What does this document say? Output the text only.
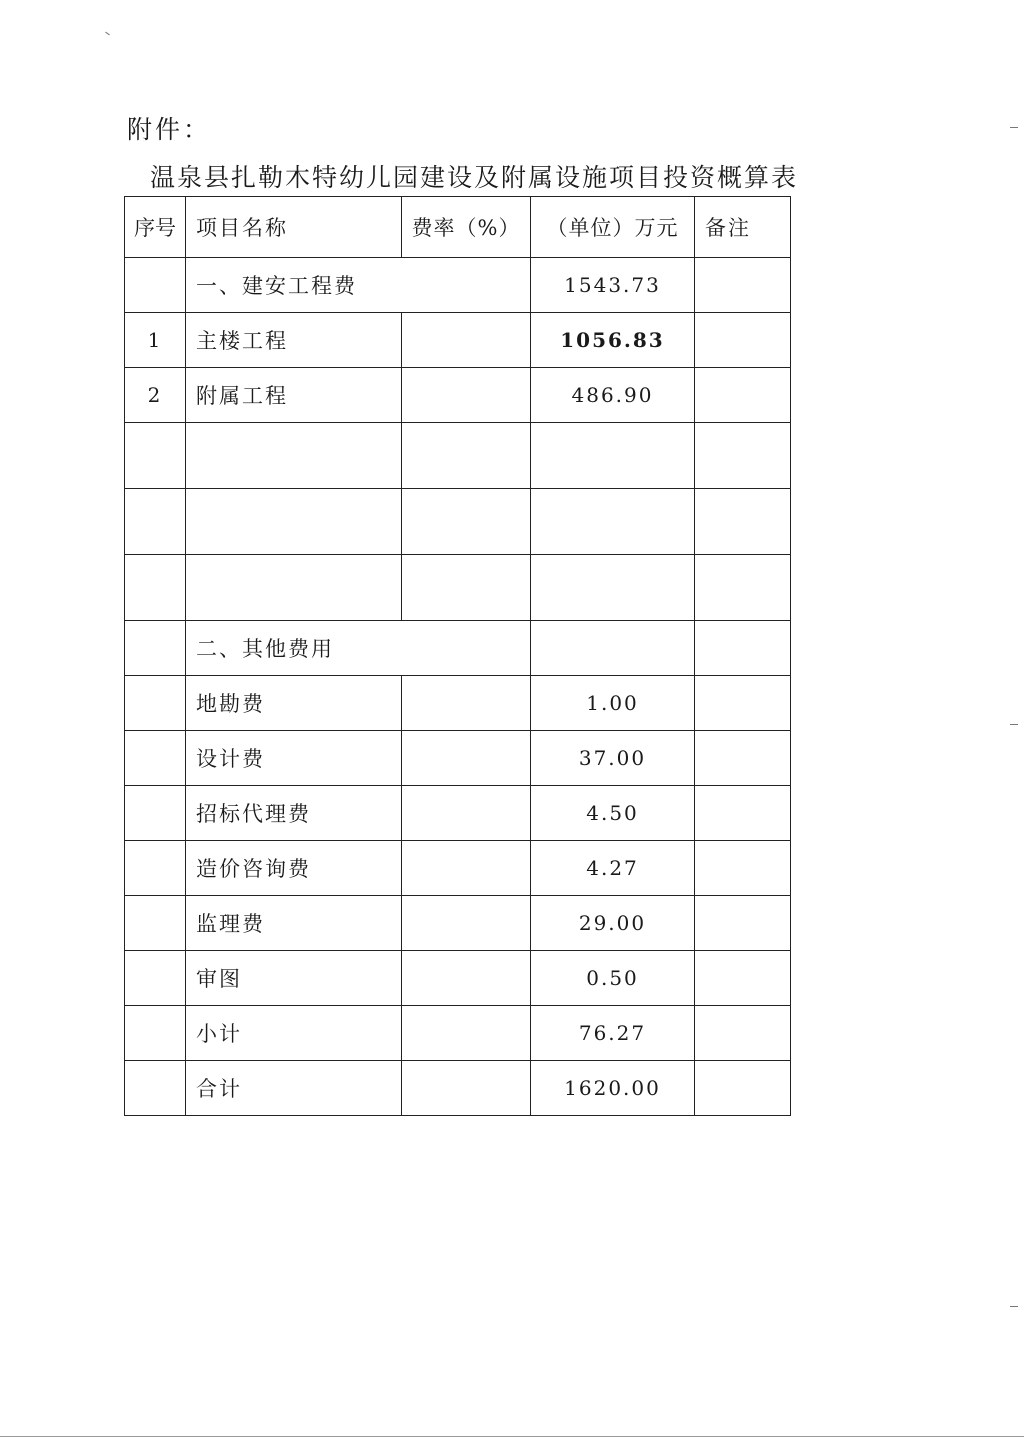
附件：
温泉县扎勒木特幼儿园建设及附属设施项目投资概算表
序号	项目名称	费率（%）	（单位）万元	备注
	一、建安工程费		1543.73	
1	主楼工程		1056.83	
2	附属工程		486.90	

	二、其他费用			
	地勘费		1.00	
	设计费		37.00	
	招标代理费		4.50	
	造价咨询费		4.27	
	监理费		29.00	
	审图		0.50	
	小计		76.27	
	合计		1620.00	
